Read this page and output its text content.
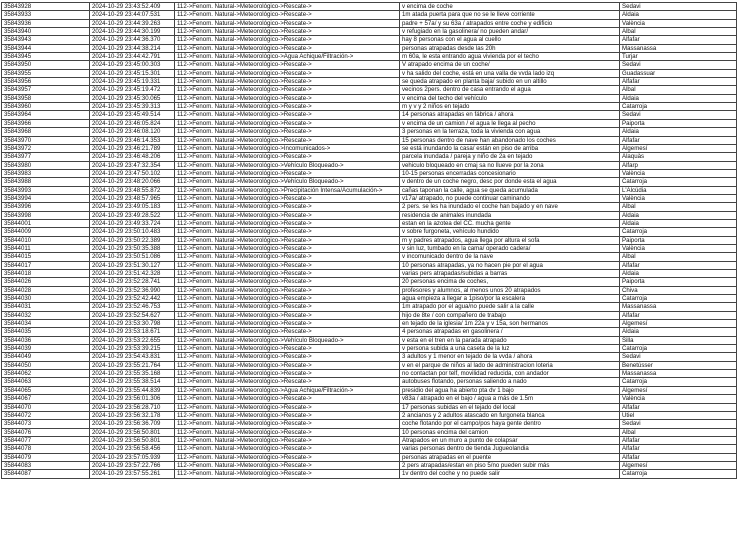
35843928	2024-10-29 23:43:52.409	112->Fenom. Natural->Meteorológico->Rescate->	v encima de coche	Sedavi
35843933	2024-10-29 23:44:07.531	112->Fenom. Natural->Meteorológico->Rescate->	1m atada puerta para que no se le lleve corriente	Aldaia
35843936	2024-10-29 23:44:39.263	112->Fenom. Natural->Meteorológico->Rescate->	padre + 57a/ y su 63a / atrapados entre coche y edificio	València
35843940	2024-10-29 23:44:30.199	112->Fenom. Natural->Meteorológico->Rescate->	v refugiado en la gasolinera/ no pueden andar/	Albal
35843943	2024-10-29 23:44:36.370	112->Fenom. Natural->Meteorológico->Rescate->	hay 8 personas con el agua al cuello	Alfafar
35843944	2024-10-29 23:44:38.214	112->Fenom. Natural->Meteorológico->Rescate->	personas atrapadas desde las 20h	Massanassa
35843945	2024-10-29 23:44:42.791	112->Fenom. Natural->Meteorológico->Agua Achique/Filtración->	m 60a, le esta entrando agua vivienda por el techo	Turjar
35843950	2024-10-29 23:45:00.303	112->Fenom. Natural->Meteorológico->Rescate->	V atrapado encima de un coche/	Sedavi
35843955	2024-10-29 23:45:15.301	112->Fenom. Natural->Meteorológico->Rescate->	v ha salido del coche, está en una valla de vvda lado izq	Guadassuar
35843956	2024-10-29 23:45:19.331	112->Fenom. Natural->Meteorológico->Rescate->	se queda atrapado en planta baja/ subido en un altillo	Alfafar
35843957	2024-10-29 23:45:19.472	112->Fenom. Natural->Meteorológico->Rescate->	vecinos 2pers. dentro de casa entrando el agua	Albal
35843958	2024-10-29 23:45:30.065	112->Fenom. Natural->Meteorológico->Rescate->	v encima del techo del vehículo	Aldaia
35843960	2024-10-29 23:45:39.313	112->Fenom. Natural->Meteorológico->Rescate->	m y v y 2 niños en tejado	Catarroja
35843964	2024-10-29 23:45:49.514	112->Fenom. Natural->Meteorológico->Rescate->	14 personas atrapadas en fábrica / ahora	Sedavi
35843966	2024-10-29 23:46:05.824	112->Fenom. Natural->Meteorológico->Rescate->	v encima de un camion / el agua le llega al pecho	Paiporta
35843968	2024-10-29 23:46:08.120	112->Fenom. Natural->Meteorológico->Rescate->	3 personas en la terraza, toda la vivienda con agua	Aldaia
35843970	2024-10-29 23:46:14.353	112->Fenom. Natural->Meteorológico->Rescate->	15 personas dentro de nave han abandonado los coches	Alfafar
35843972	2024-10-29 23:46:21.789	112->Fenom. Natural->Meteorológico->Incomunicados->	se está inundando la casa/ están en piso de arriba	Algemesí
35843977	2024-10-29 23:46:48.206	112->Fenom. Natural->Meteorológico->Rescate->	parcela inundada / pareja y niño de 2a en tejado	Alaquàs
35843980	2024-10-29 23:47:32.354	112->Fenom. Natural->Meteorológico->Vehículo Bloqueado->	vehiculo bloqueado en cmaj sa no llueve por la zona	Alfarp
35843983	2024-10-29 23:47:50.102	112->Fenom. Natural->Meteorológico->Rescate->	10-15 personas encerradas concesionario	València
35843988	2024-10-29 23:48:20.066	112->Fenom. Natural->Meteorológico->Vehículo Bloqueado->	v dentro de un coche negro, desc por donde esta el agua	Catarroja
35843993	2024-10-29 23:48:55.872	112->Fenom. Natural->Meteorológico->Precipitación Intensa/Acumulación->	cañas taponan la calle, agua se queda acumulada	L'Alcúdia
35843994	2024-10-29 23:48:57.965	112->Fenom. Natural->Meteorológico->Rescate->	v17a/ atrapado, no puede continuar caminando	València
35843996	2024-10-29 23:49:05.183	112->Fenom. Natural->Meteorológico->Rescate->	2 pers. se les ha inundado el coche han bajado y en nave	Albal
35843998	2024-10-29 23:49:28.522	112->Fenom. Natural->Meteorológico->Rescate->	residencia de animales inundada	Aldaia
35844001	2024-10-29 23:49:33.724	112->Fenom. Natural->Meteorológico->Rescate->	estan en la azotea del CC. mucha gente	Aldaia
35844009	2024-10-29 23:50:10.483	112->Fenom. Natural->Meteorológico->Rescate->	v sobre furgoneta, vehículo hundido	Catarroja
35844010	2024-10-29 23:50:22.389	112->Fenom. Natural->Meteorológico->Rescate->	m y padres atrapados, agua llega por altura el sofa	Paiporta
35844011	2024-10-29 23:50:35.388	112->Fenom. Natural->Meteorológico->Rescate->	v sin luz, tumbado en la cama/ operado cadera/	València
35844015	2024-10-29 23:50:51.086	112->Fenom. Natural->Meteorológico->Rescate->	v incomunicado dentro de la nave	Albal
35844017	2024-10-29 23:51:30.127	112->Fenom. Natural->Meteorológico->Rescate->	10 personas atrapadas, ya no hacen pie por el agua	Alfafar
35844018	2024-10-29 23:51:42.328	112->Fenom. Natural->Meteorológico->Rescate->	varias pers atrapadas/subidas a barras	Aldaia
35844026	2024-10-29 23:52:28.741	112->Fenom. Natural->Meteorológico->Rescate->	20 personas encima de coches,	Paiporta
35844028	2024-10-29 23:52:36.990	112->Fenom. Natural->Meteorológico->Rescate->	profesores y alumnos, al menos unos 20 atrapados	Chiva
35844030	2024-10-29 23:52:42.442	112->Fenom. Natural->Meteorológico->Rescate->	agua empieza a llegar a 1piso/por la escalera	Catarroja
35844031	2024-10-29 23:52:46.753	112->Fenom. Natural->Meteorológico->Rescate->	1m atrapado por el agua/no puede salir a la calle	Massanassa
35844032	2024-10-29 23:52:54.627	112->Fenom. Natural->Meteorológico->Rescate->	hijo de 8te / con compañero de trabajo	Alfafar
35844034	2024-10-29 23:53:30.798	112->Fenom. Natural->Meteorológico->Rescate->	en tejado de la iglesia/ 1m 22a y v 15a, son hermanos	Algemesí
35844035	2024-10-29 23:53:18.671	112->Fenom. Natural->Meteorológico->Rescate->	4 personas atrapadas en gasolinera /	Aldaia
35844036	2024-10-29 23:53:22.655	112->Fenom. Natural->Meteorológico->Vehículo Bloqueado->	v esta en el tren en la parada atrapado	Silla
35844039	2024-10-29 23:53:39.215	112->Fenom. Natural->Meteorológico->Rescate->	v persona subida a una caseta de la luz	Catarroja
35844049	2024-10-29 23:54:43.831	112->Fenom. Natural->Meteorológico->Rescate->	3 adultos y 1 menor en tejado de la vvda / ahora	Sedavi
35844050	2024-10-29 23:55:21.764	112->Fenom. Natural->Meteorológico->Rescate->	v en el parque de niños al lado de administracion loteria	Benetússer
35844062	2024-10-29 23:55:35.168	112->Fenom. Natural->Meteorológico->Rescate->	no contactan por telf, movilidad reducida, con andador	Massanassa
35844063	2024-10-29 23:55:38.514	112->Fenom. Natural->Meteorológico->Rescate->	autobuses flotando, personas saliendo a nado	Catarroja
35844065	2024-10-29 23:55:44.839	112->Fenom. Natural->Meteorológico->Agua Achique/Filtración->	presidio del agua ha abierto pta dv 1 bajo	Algemesí
35844067	2024-10-29 23:56:01.306	112->Fenom. Natural->Meteorológico->Rescate->	v83a / atrapado en el bajo / agua a más de 1.5m	València
35844070	2024-10-29 23:56:28.710	112->Fenom. Natural->Meteorológico->Rescate->	17 personas subidas en el tejado del local	Alfafar
35844072	2024-10-29 23:56:32.178	112->Fenom. Natural->Meteorológico->Rescate->	2 ancianos y 2 adultos atascado en furgoneta blanca	Utiel
35844073	2024-10-29 23:56:36.709	112->Fenom. Natural->Meteorológico->Rescate->	coche flotando por el campo/pos haya gente dentro	Sedavi
35844076	2024-10-29 23:56:50.801	112->Fenom. Natural->Meteorológico->Rescate->	10 personas encima del camion	Albal
35844077	2024-10-29 23:56:50.801	112->Fenom. Natural->Meteorológico->Rescate->	Atrapados en un muro a punto de colapsar	Alfafar
35844078	2024-10-29 23:56:58.456	112->Fenom. Natural->Meteorológico->Rescate->	varias personas dentro de tienda Jugueolandia	Alfafar
35844079	2024-10-29 23:57:05.939	112->Fenom. Natural->Meteorológico->Rescate->	personas atrapadas en el puente	Alfafar
35844083	2024-10-29 23:57:22.766	112->Fenom. Natural->Meteorológico->Rescate->	2 pers atrapadas/estan en piso 5/no pueden subir más	Algemesí
35844087	2024-10-29 23:57:55.261	112->Fenom. Natural->Meteorológico->Rescate->	1v dentro del coche y no puede salir	Catarroja
